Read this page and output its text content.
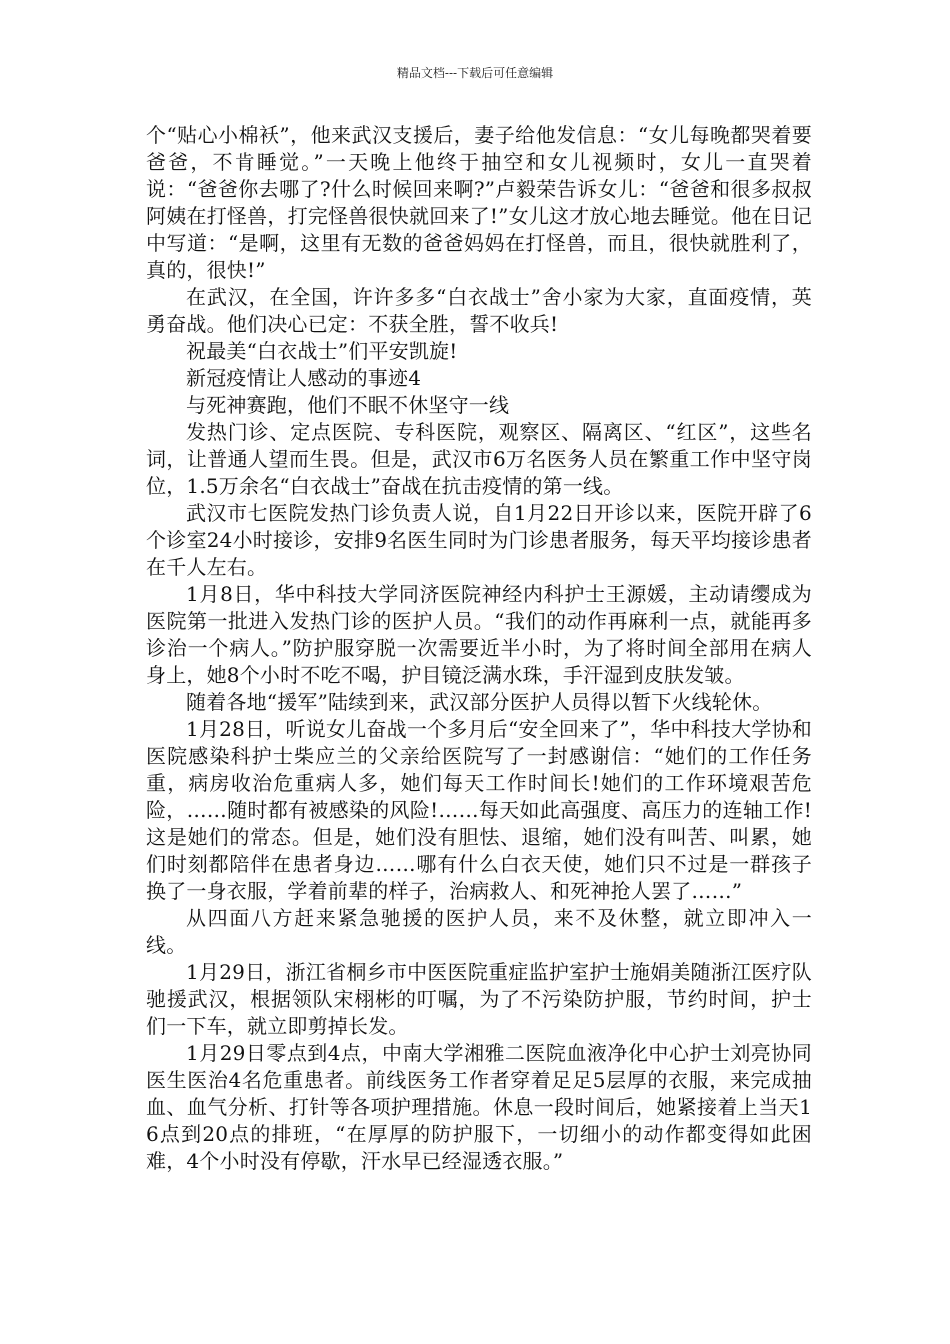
精品文档---下载后可任意编辑

个“贴心小棉袄”，他来武汉支援后，妻子给他发信息：“女儿每晚都哭着要爸爸，不肯睡觉。”一天晚上他终于抽空和女儿视频时，女儿一直哭着说：“爸爸你去哪了?什么时候回来啊?”卢毅荣告诉女儿：“爸爸和很多叔叔阿姨在打怪兽，打完怪兽很快就回来了!”女儿这才放心地去睡觉。他在日记中写道：“是啊，这里有无数的爸爸妈妈在打怪兽，而且，很快就胜利了，真的，很快!”

在武汉，在全国，许许多多“白衣战士”舍小家为大家，直面疫情，英勇奋战。他们决心已定：不获全胜，誓不收兵!

祝最美“白衣战士”们平安凯旋!

新冠疫情让人感动的事迹4

与死神赛跑，他们不眠不休坚守一线

发热门诊、定点医院、专科医院，观察区、隔离区、“红区”，这些名词，让普通人望而生畏。但是，武汉市6万名医务人员在繁重工作中坚守岗位，1.5万余名“白衣战士”奋战在抗击疫情的第一线。

武汉市七医院发热门诊负责人说，自1月22日开诊以来，医院开辟了6个诊室24小时接诊，安排9名医生同时为门诊患者服务，每天平均接诊患者在千人左右。

1月8日，华中科技大学同济医院神经内科护士王源媛，主动请缨成为医院第一批进入发热门诊的医护人员。“我们的动作再麻利一点，就能再多诊治一个病人。”防护服穿脱一次需要近半小时，为了将时间全部用在病人身上，她8个小时不吃不喝，护目镜泛满水珠，手汗湿到皮肤发皱。

随着各地“援军”陆续到来，武汉部分医护人员得以暂下火线轮休。

1月28日，听说女儿奋战一个多月后“安全回来了”，华中科技大学协和医院感染科护士柴应兰的父亲给医院写了一封感谢信：“她们的工作任务重，病房收治危重病人多，她们每天工作时间长!她们的工作环境艰苦危险，……随时都有被感染的风险!……每天如此高强度、高压力的连轴工作!这是她们的常态。但是，她们没有胆怯、退缩，她们没有叫苦、叫累，她们时刻都陪伴在患者身边……哪有什么白衣天使，她们只不过是一群孩子换了一身衣服，学着前辈的样子，治病救人、和死神抢人罢了……”

从四面八方赶来紧急驰援的医护人员，来不及休整，就立即冲入一线。

1月29日，浙江省桐乡市中医医院重症监护室护士施娟美随浙江医疗队驰援武汉，根据领队宋栩彬的叮嘱，为了不污染防护服，节约时间，护士们一下车，就立即剪掉长发。

1月29日零点到4点，中南大学湘雅二医院血液净化中心护士刘亮协同医生医治4名危重患者。前线医务工作者穿着足足5层厚的衣服，来完成抽血、血气分析、打针等各项护理措施。休息一段时间后，她紧接着上当天16点到20点的排班，“在厚厚的防护服下，一切细小的动作都变得如此困难，4个小时没有停歇，汗水早已经湿透衣服。”
